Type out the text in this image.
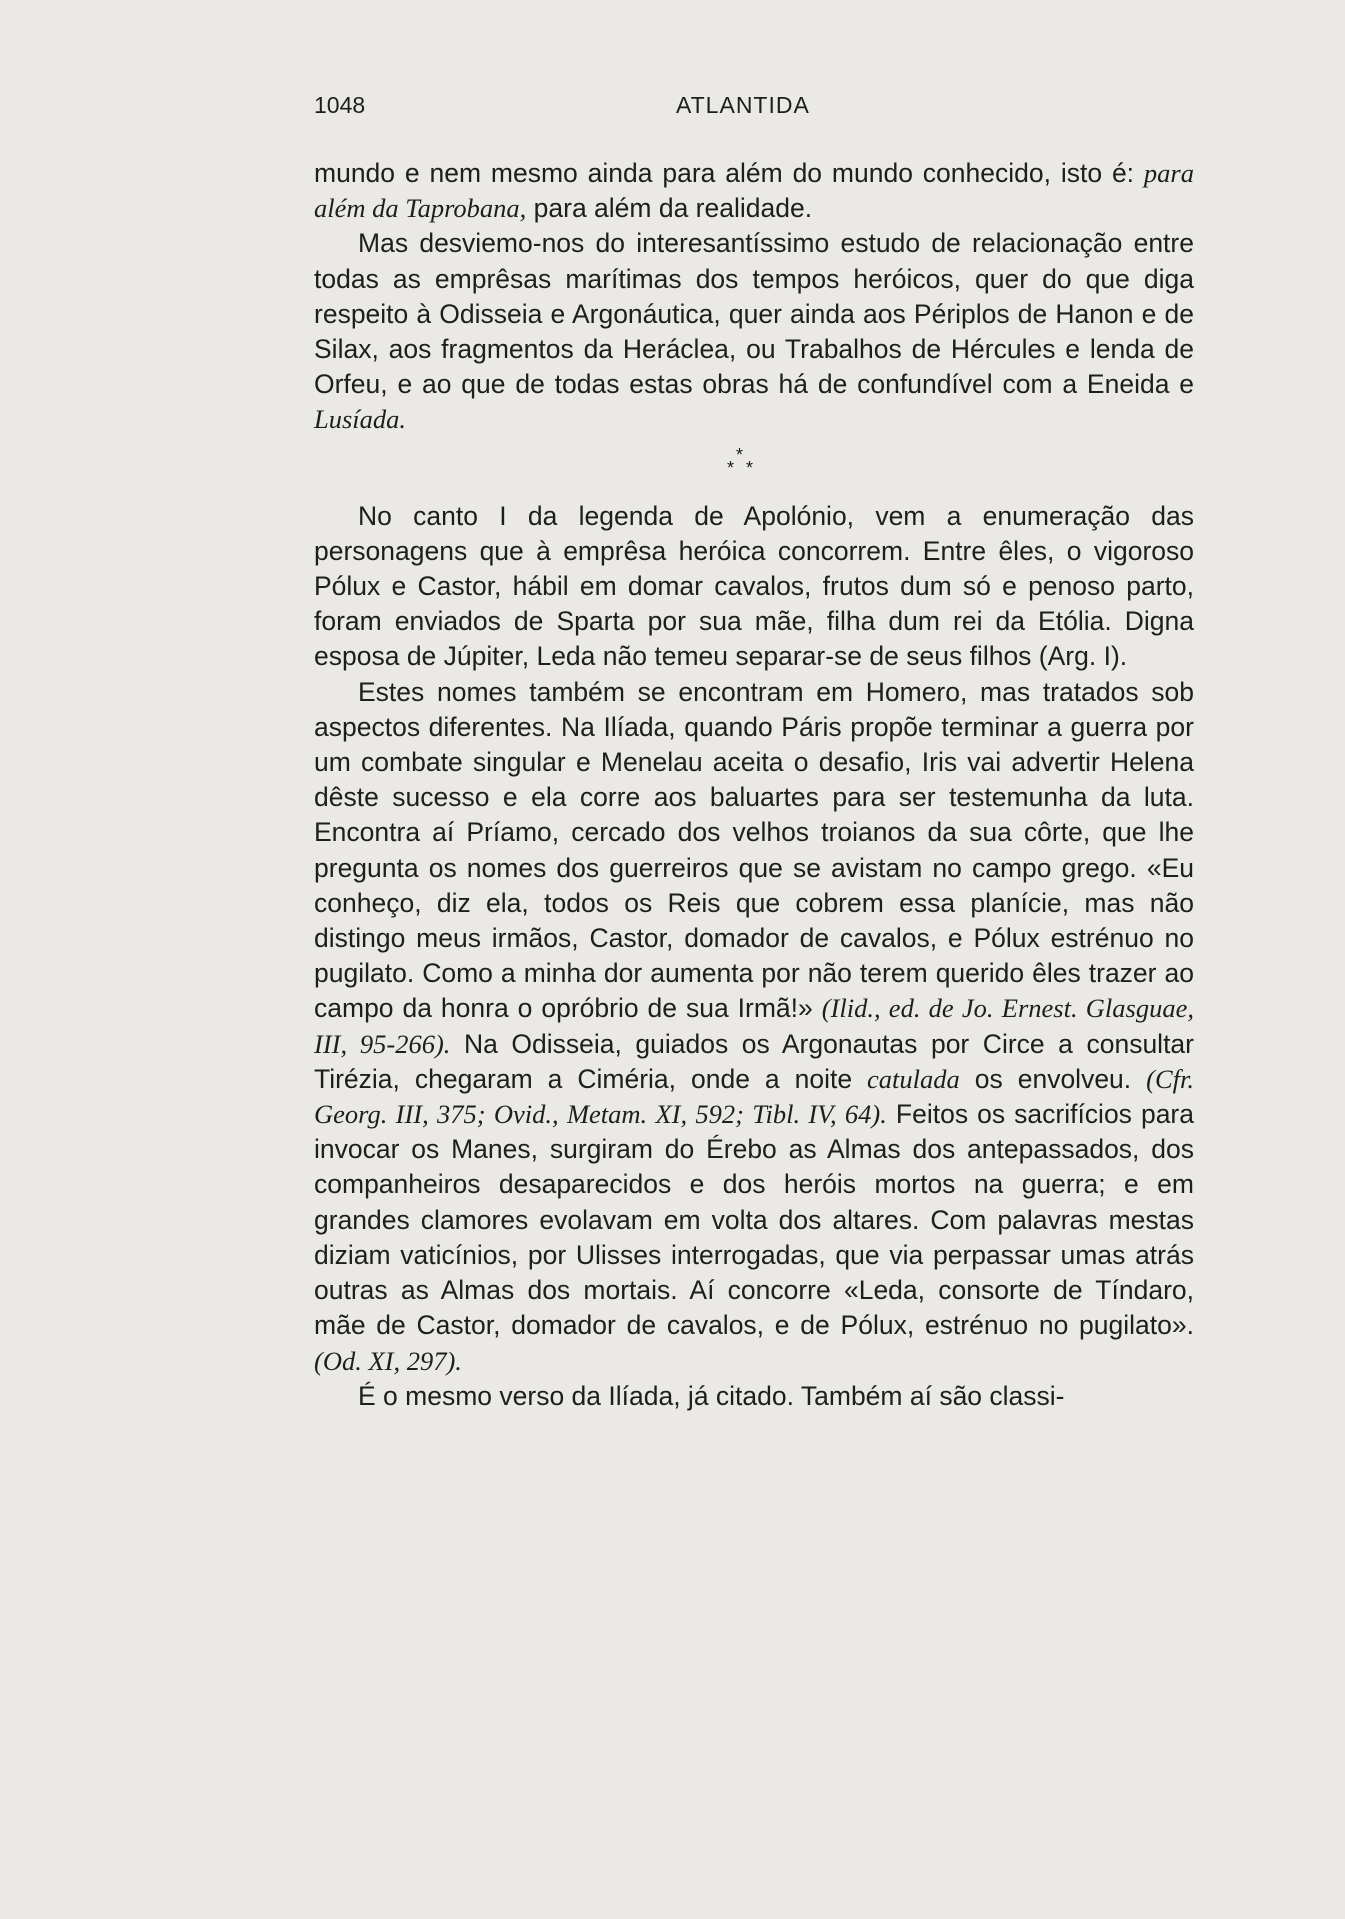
1048	ATLANTIDA

mundo e nem mesmo ainda para além do mundo conhecido, isto é: para além da Taprobana, para além da realidade.

Mas desviemo-nos do interesantíssimo estudo de relacionação entre todas as emprêsas marítimas dos tempos heróicos, quer do que diga respeito à Odisseia e Argonáutica, quer ainda aos Périplos de Hanon e de Silax, aos fragmentos da Heráclea, ou Trabalhos de Hércules e lenda de Orfeu, e ao que de todas estas obras há de confundível com a Eneida e Lusíada.

*
* *

No canto I da legenda de Apolónio, vem a enumeração das personagens que à emprêsa heróica concorrem. Entre êles, o vigoroso Pólux e Castor, hábil em domar cavalos, frutos dum só e penoso parto, foram enviados de Sparta por sua mãe, filha dum rei da Etólia. Digna esposa de Júpiter, Leda não temeu separar-se de seus filhos (Arg. I).

Estes nomes também se encontram em Homero, mas tratados sob aspectos diferentes. Na Ilíada, quando Páris propõe terminar a guerra por um combate singular e Menelau aceita o desafio, Iris vai advertir Helena dêste sucesso e ela corre aos baluartes para ser testemunha da luta. Encontra aí Príamo, cercado dos velhos troianos da sua côrte, que lhe pregunta os nomes dos guerreiros que se avistam no campo grego. «Eu conheço, diz ela, todos os Reis que cobrem essa planície, mas não distingo meus irmãos, Castor, domador de cavalos, e Pólux estrénuo no pugilato. Como a minha dor aumenta por não terem querido êles trazer ao campo da honra o opróbrio de sua Irmã!» (Ilid., ed. de Jo. Ernest. Glasguae, III, 95-266). Na Odisseia, guiados os Argonautas por Circe a consultar Tirézia, chegaram a Ciméria, onde a noite catulada os envolveu. (Cfr. Georg. III, 375; Ovid., Metam. XI, 592; Tibl. IV, 64). Feitos os sacrifícios para invocar os Manes, surgiram do Érebo as Almas dos antepassados, dos companheiros desaparecidos e dos heróis mortos na guerra; e em grandes clamores evolavam em volta dos altares. Com palavras mestas diziam vaticínios, por Ulisses interrogadas, que via perpassar umas atrás outras as Almas dos mortais. Aí concorre «Leda, consorte de Tíndaro, mãe de Castor, domador de cavalos, e de Pólux, estrénuo no pugilato». (Od. XI, 297).

É o mesmo verso da Ilíada, já citado. Também aí são classi-
